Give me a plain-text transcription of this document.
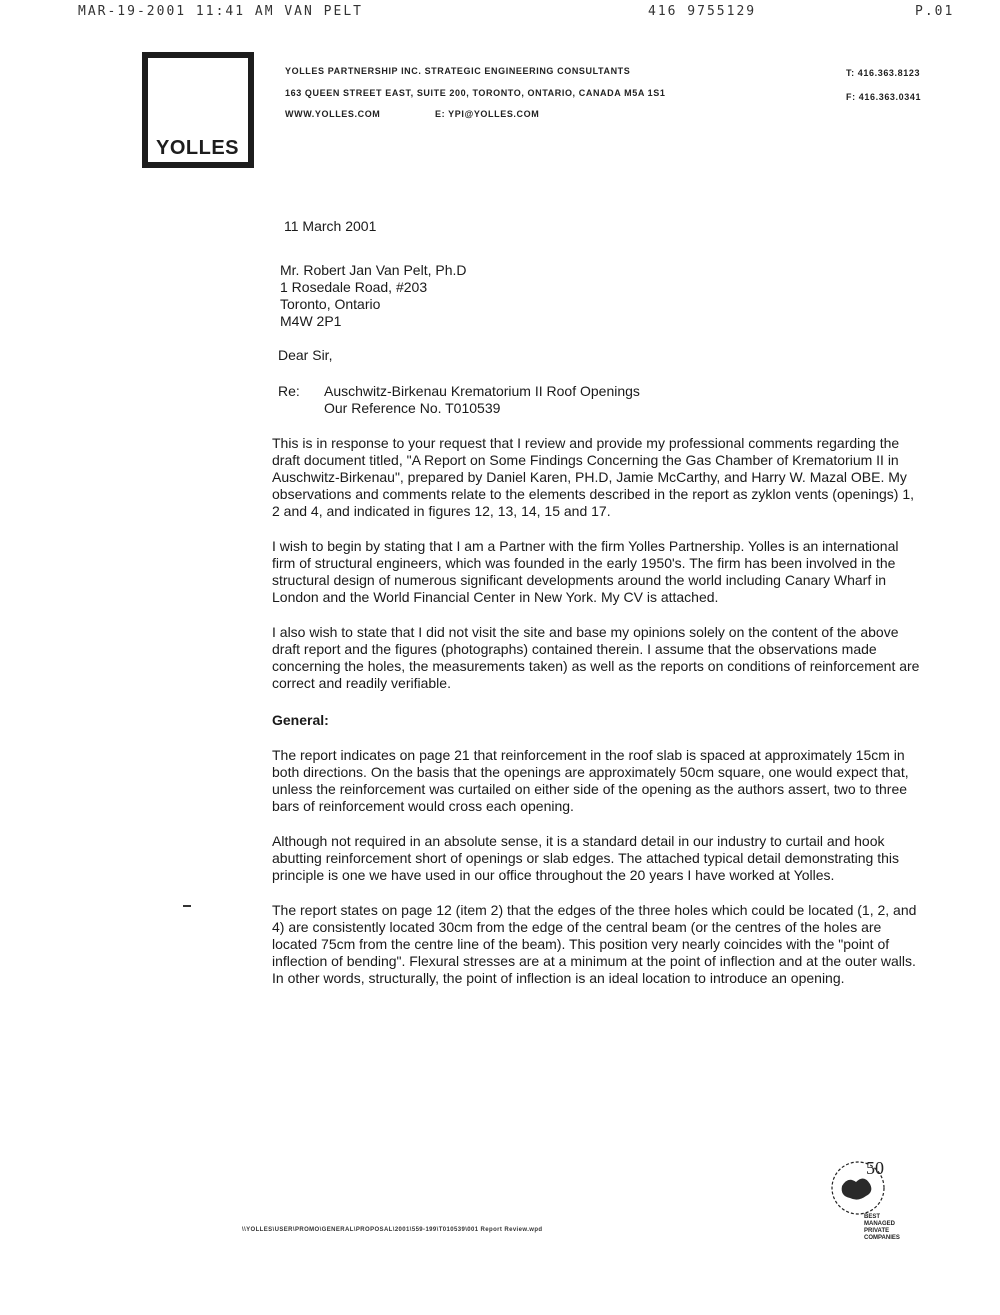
MAR-19-2001 11:41 AM VAN PELT	416 9755129	P.01
YOLLES
YOLLES PARTNERSHIP INC. STRATEGIC ENGINEERING CONSULTANTS
163 QUEEN STREET EAST, SUITE 200, TORONTO, ONTARIO, CANADA M5A 1S1
WWW.YOLLES.COM	E: YPI@YOLLES.COM
T: 416.363.8123
F: 416.363.0341
11 March 2001
Mr. Robert Jan Van Pelt, Ph.D
1 Rosedale Road, #203
Toronto, Ontario
M4W 2P1
Dear Sir,
Re: Auschwitz-Birkenau Krematorium II Roof Openings
Our Reference No. T010539

This is in response to your request that I review and provide my professional comments regarding the draft document titled, "A Report on Some Findings Concerning the Gas Chamber of Krematorium II in Auschwitz-Birkenau", prepared by Daniel Karen, PH.D, Jamie McCarthy, and Harry W. Mazal OBE. My observations and comments relate to the elements described in the report as zyklon vents (openings) 1, 2 and 4, and indicated in figures 12, 13, 14, 15 and 17.

I wish to begin by stating that I am a Partner with the firm Yolles Partnership. Yolles is an international firm of structural engineers, which was founded in the early 1950's. The firm has been involved in the structural design of numerous significant developments around the world including Canary Wharf in London and the World Financial Center in New York. My CV is attached.

I also wish to state that I did not visit the site and base my opinions solely on the content of the above draft report and the figures (photographs) contained therein. I assume that the observations made concerning the holes, the measurements taken) as well as the reports on conditions of reinforcement are correct and readily verifiable.

General:

The report indicates on page 21 that reinforcement in the roof slab is spaced at approximately 15cm in both directions. On the basis that the openings are approximately 50cm square, one would expect that, unless the reinforcement was curtailed on either side of the opening as the authors assert, two to three bars of reinforcement would cross each opening.

Although not required in an absolute sense, it is a standard detail in our industry to curtail and hook abutting reinforcement short of openings or slab edges. The attached typical detail demonstrating this principle is one we have used in our office throughout the 20 years I have worked at Yolles.

The report states on page 12 (item 2) that the edges of the three holes which could be located (1, 2, and 4) are consistently located 30cm from the edge of the central beam (or the centres of the holes are located 75cm from the centre line of the beam). This position very nearly coincides with the "point of inflection of bending". Flexural stresses are at a minimum at the point of inflection and at the outer walls. In other words, structurally, the point of inflection is an ideal location to introduce an opening.

50
BEST
MANAGED
PRIVATE
COMPANIES
\\YOLLES\USER\PROMO\GENERAL\PROPOSAL\2001\559-199\T010539\001 Report Review.wpd
